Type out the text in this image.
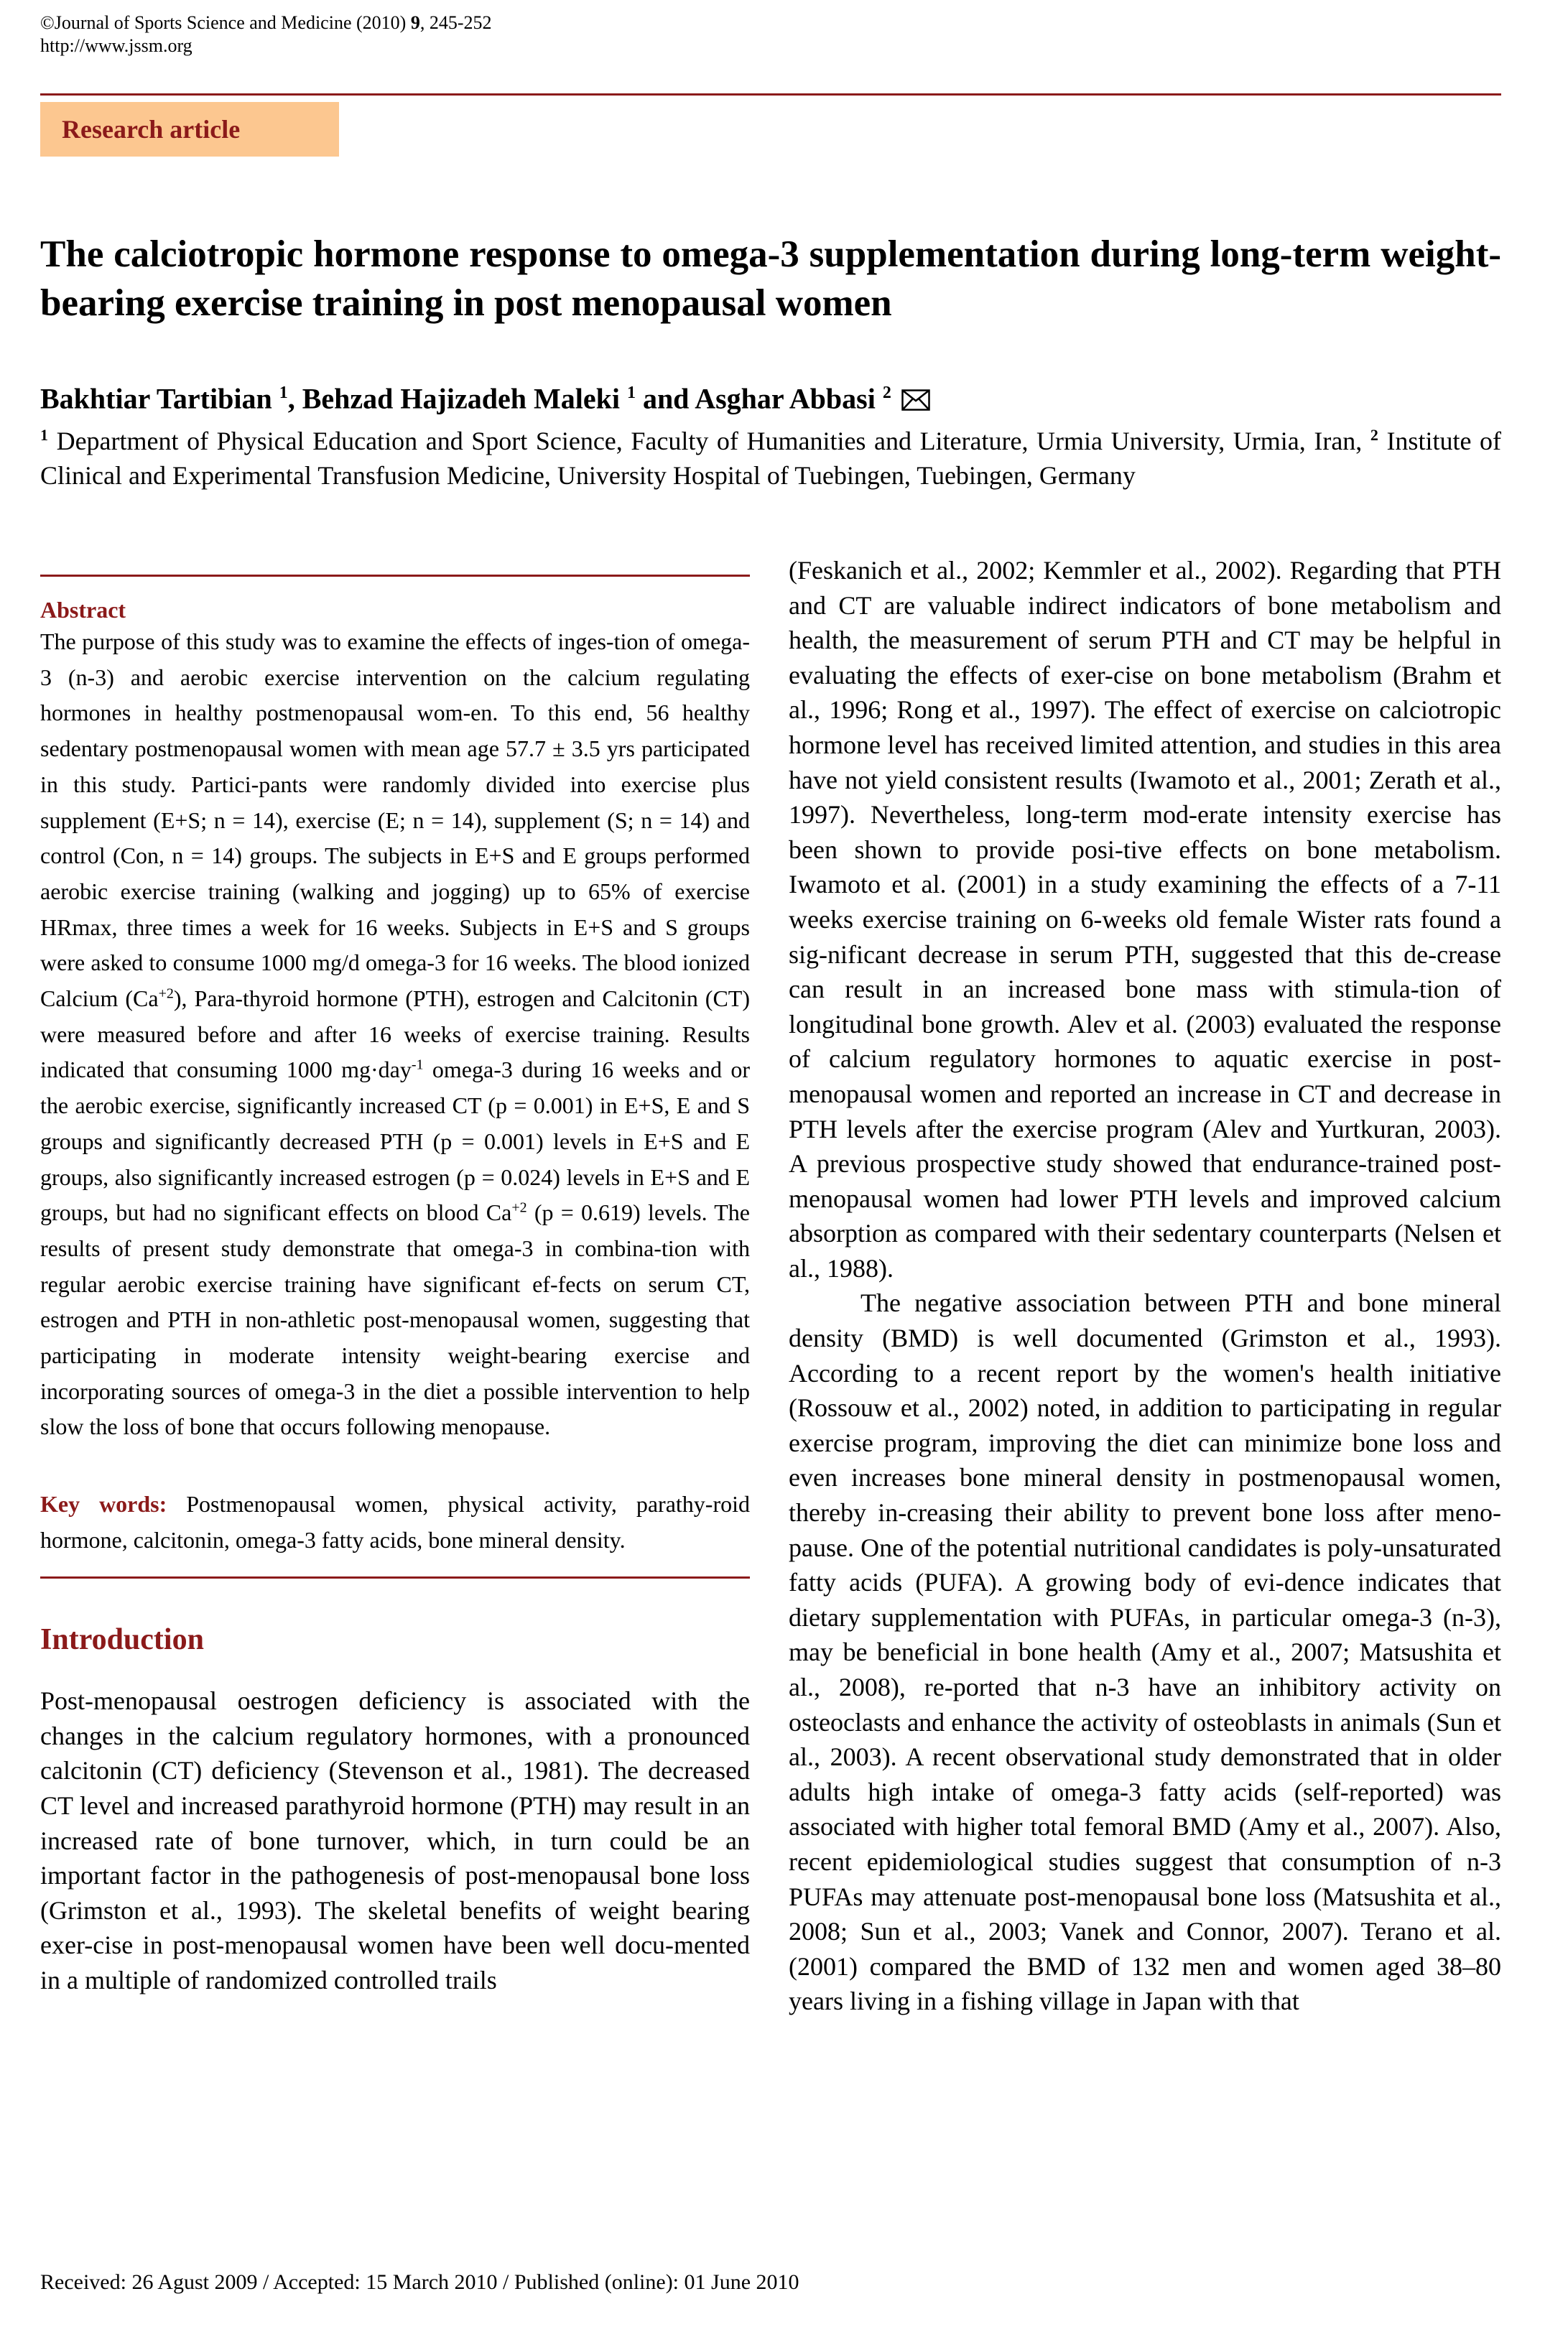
©Journal of Sports Science and Medicine (2010) 9, 245-252
http://www.jssm.org
Research article
The calciotropic hormone response to omega-3 supplementation during long-term weight-bearing exercise training in post menopausal women
Bakhtiar Tartibian $^1$, Behzad Hajizadeh Maleki $^1$ and Asghar Abbasi $^2$
$^1$ Department of Physical Education and Sport Science, Faculty of Humanities and Literature, Urmia University, Urmia, Iran, $^2$ Institute of Clinical and Experimental Transfusion Medicine, University Hospital of Tuebingen, Tuebingen, Germany
Abstract

The purpose of this study was to examine the effects of inges-tion of omega-3 (n-3) and aerobic exercise intervention on the calcium regulating hormones in healthy postmenopausal wom-en. To this end, 56 healthy sedentary postmenopausal women with mean age 57.7 ± 3.5 yrs participated in this study. Partici-pants were randomly divided into exercise plus supplement (E+S; n = 14), exercise (E; n = 14), supplement (S; n = 14) and control (Con, n = 14) groups. The subjects in E+S and E groups performed aerobic exercise training (walking and jogging) up to 65% of exercise HRmax, three times a week for 16 weeks. Subjects in E+S and S groups were asked to consume 1000 mg/d omega-3 for 16 weeks. The blood ionized Calcium $(Ca^{+2})$, Para-thyroid hormone (PTH), estrogen and Calcitonin (CT) were measured before and after 16 weeks of exercise training. Results indicated that consuming 1000 mg·day$^{-1}$ omega-3 during 16 weeks and or the aerobic exercise, significantly increased CT (p = 0.001) in E+S, E and S groups and significantly decreased PTH (p = 0.001) levels in E+S and E groups, also significantly increased estrogen (p = 0.024) levels in E+S and E groups, but had no significant effects on blood $Ca^{+2}$ (p = 0.619) levels. The results of present study demonstrate that omega-3 in combina-tion with regular aerobic exercise training have significant ef-fects on serum CT, estrogen and PTH in non-athletic post-menopausal women, suggesting that participating in moderate intensity weight-bearing exercise and incorporating sources of omega-3 in the diet a possible intervention to help slow the loss of bone that occurs following menopause.

Key words: Postmenopausal women, physical activity, parathy-roid hormone, calcitonin, omega-3 fatty acids, bone mineral density.

Introduction

Post-menopausal oestrogen deficiency is associated with the changes in the calcium regulatory hormones, with a pronounced calcitonin (CT) deficiency (Stevenson et al., 1981). The decreased CT level and increased parathyroid hormone (PTH) may result in an increased rate of bone turnover, which, in turn could be an important factor in the pathogenesis of post-menopausal bone loss (Grimston et al., 1993). The skeletal benefits of weight bearing exer-cise in post-menopausal women have been well docu-mented in a multiple of randomized controlled trails

(Feskanich et al., 2002; Kemmler et al., 2002). Regarding that PTH and CT are valuable indirect indicators of bone metabolism and health, the measurement of serum PTH and CT may be helpful in evaluating the effects of exer-cise on bone metabolism (Brahm et al., 1996; Rong et al., 1997). The effect of exercise on calciotropic hormone level has received limited attention, and studies in this area have not yield consistent results (Iwamoto et al., 2001; Zerath et al., 1997). Nevertheless, long-term mod-erate intensity exercise has been shown to provide posi-tive effects on bone metabolism. Iwamoto et al. (2001) in a study examining the effects of a 7-11 weeks exercise training on 6-weeks old female Wister rats found a sig-nificant decrease in serum PTH, suggested that this de-crease can result in an increased bone mass with stimula-tion of longitudinal bone growth. Alev et al. (2003) evaluated the response of calcium regulatory hormones to aquatic exercise in post-menopausal women and reported an increase in CT and decrease in PTH levels after the exercise program (Alev and Yurtkuran, 2003). A previous prospective study showed that endurance-trained post-menopausal women had lower PTH levels and improved calcium absorption as compared with their sedentary counterparts (Nelsen et al., 1988).

The negative association between PTH and bone mineral density (BMD) is well documented (Grimston et al., 1993). According to a recent report by the women's health initiative (Rossouw et al., 2002) noted, in addition to participating in regular exercise program, improving the diet can minimize bone loss and even increases bone mineral density in postmenopausal women, thereby in-creasing their ability to prevent bone loss after meno-pause. One of the potential nutritional candidates is poly-unsaturated fatty acids (PUFA). A growing body of evi-dence indicates that dietary supplementation with PUFAs, in particular omega-3 (n-3), may be beneficial in bone health (Amy et al., 2007; Matsushita et al., 2008), re-ported that n-3 have an inhibitory activity on osteoclasts and enhance the activity of osteoblasts in animals (Sun et al., 2003). A recent observational study demonstrated that in older adults high intake of omega-3 fatty acids (self-reported) was associated with higher total femoral BMD (Amy et al., 2007). Also, recent epidemiological studies suggest that consumption of n-3 PUFAs may attenuate post-menopausal bone loss (Matsushita et al., 2008; Sun et al., 2003; Vanek and Connor, 2007). Terano et al. (2001) compared the BMD of 132 men and women aged 38–80 years living in a fishing village in Japan with that

Received: 26 Agust 2009 / Accepted: 15 March 2010 / Published (online): 01 June 2010
